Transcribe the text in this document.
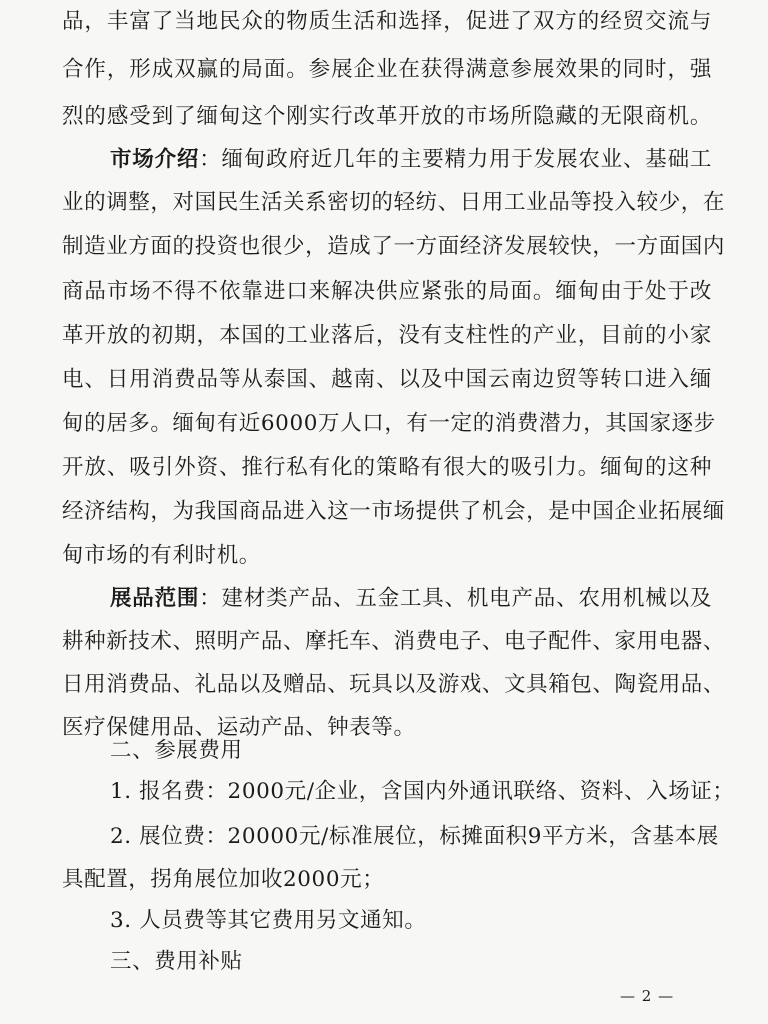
品，丰富了当地民众的物质生活和选择，促进了双方的经贸交流与
合作，形成双赢的局面。参展企业在获得满意参展效果的同时，强
烈的感受到了缅甸这个刚实行改革开放的市场所隐藏的无限商机。
市场介绍：缅甸政府近几年的主要精力用于发展农业、基础工
业的调整，对国民生活关系密切的轻纺、日用工业品等投入较少，在
制造业方面的投资也很少，造成了一方面经济发展较快，一方面国内
商品市场不得不依靠进口来解决供应紧张的局面。缅甸由于处于改
革开放的初期，本国的工业落后，没有支柱性的产业，目前的小家
电、日用消费品等从泰国、越南、以及中国云南边贸等转口进入缅
甸的居多。缅甸有近6000万人口，有一定的消费潜力，其国家逐步
开放、吸引外资、推行私有化的策略有很大的吸引力。缅甸的这种
经济结构，为我国商品进入这一市场提供了机会，是中国企业拓展缅
甸市场的有利时机。
展品范围：建材类产品、五金工具、机电产品、农用机械以及
耕种新技术、照明产品、摩托车、消费电子、电子配件、家用电器、
日用消费品、礼品以及赠品、玩具以及游戏、文具箱包、陶瓷用品、
医疗保健用品、运动产品、钟表等。
二、参展费用
1. 报名费：2000元/企业，含国内外通讯联络、资料、入场证；
2. 展位费：20000元/标准展位，标摊面积9平方米，含基本展
具配置，拐角展位加收2000元；
3. 人员费等其它费用另文通知。
三、费用补贴
— 2 —
